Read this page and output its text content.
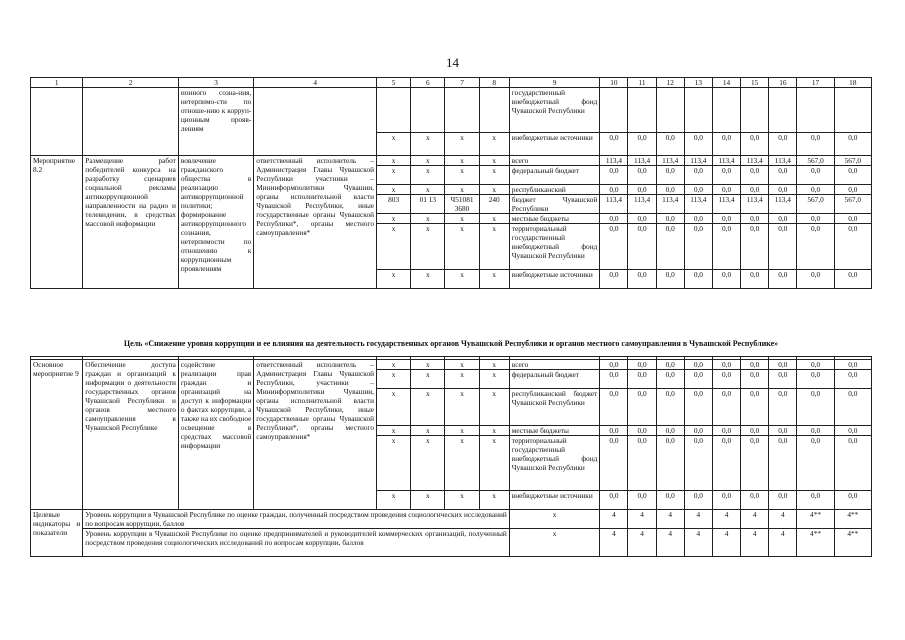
14
1	2	3	4	5	6	7	8	9	10	11	12	13	14	15	16	17	18
		ионного созна-ния, нетерпимо-сти по отноше-нию к корруп-ционным прояв-лениям						государственный внебюджетный фонд Чувашской Республики									
				x	x	x	x	внебюджетные источники	0,0	0,0	0,0	0,0	0,0	0,0	0,0	0,0	0,0
Мероприятие 8.2	Размещение работ победителей конкурса на разработку сценариев социальной рекламы антикоррупционной направленности на радио и телевидении, в средствах массовой информации	вовлечение гражданского общества в реализацию антикоррупционной политики; формирование антикоррупционного сознания, нетерпимости по отношению к коррупционным проявлениям	ответственный исполнитель – Администрация Главы Чувашской Республики участники – Мининформполитики Чувашии, органы исполнительной власти Чувашской Республики, иные государственные органы Чувашской Республики*, органы местного самоуправления*	x	x	x	x	всего	113,4	113,4	113,4	113,4	113,4	113,4	113,4	567,0	567,0
				x	x	x	x	федеральный бюджет	0,0	0,0	0,0	0,0	0,0	0,0	0,0	0,0	0,0
				x	x	x	x	республиканский	0,0	0,0	0,0	0,0	0,0	0,0	0,0	0,0	0,0
				803	01 13	Ч51081 3680	240	бюджет Чувашской Республики	113,4	113,4	113,4	113,4	113,4	113,4	113,4	567,0	567,0
				x	x	x	x	местные бюджеты	0,0	0,0	0,0	0,0	0,0	0,0	0,0	0,0	0,0
				x	x	x	x	территориальный государственный внебюджетный фонд Чувашской Республики	0,0	0,0	0,0	0,0	0,0	0,0	0,0	0,0	0,0
				x	x	x	x	внебюджетные источники	0,0	0,0	0,0	0,0	0,0	0,0	0,0	0,0	0,0
Цель «Снижение уровня коррупции и ее влияния на деятельность государственных органов Чувашской Республики и органов местного самоуправления в Чувашской Республике»

Основное мероприятие 9	Обеспечение доступа граждан и организаций к информации о деятельности государственных органов Чувашской Республики и органов местного самоуправления в Чувашской Республике	содействие реализации прав граждан и организаций на доступ к информации о фактах коррупции, а также на их свободное освещение в средствах массовой информации	ответственный исполнитель – Администрация Главы Чувашской Республики, участники – Мининформполитики Чувашии, органы исполнительной власти Чувашской Республики, иные государственные органы Чувашской Республики*, органы местного самоуправления*	x	x	x	x	всего	0,0	0,0	0,0	0,0	0,0	0,0	0,0	0,0	0,0
				x	x	x	x	федеральный бюджет	0,0	0,0	0,0	0,0	0,0	0,0	0,0	0,0	0,0
				x	x	x	x	республиканский бюджет Чувашской Республики	0,0	0,0	0,0	0,0	0,0	0,0	0,0	0,0	0,0
				x	x	x	x	местные бюджеты	0,0	0,0	0,0	0,0	0,0	0,0	0,0	0,0	0,0
				x	x	x	x	территориальный государственный внебюджетный фонд Чувашской Республики	0,0	0,0	0,0	0,0	0,0	0,0	0,0	0,0	0,0
				x	x	x	x	внебюджетные источники	0,0	0,0	0,0	0,0	0,0	0,0	0,0	0,0	0,0
Целевые индикаторы и показатели	Уровень коррупции в Чувашской Республике по оценке граждан, полученный посредством проведения социологических исследований по вопросам коррупции, баллов							x	4	4	4	4	4	4	4	4**	4**
	Уровень коррупции в Чувашской Республике по оценке предпринимателей и руководителей коммерческих организаций, полученный посредством проведения социологических исследований по вопросам коррупции, баллов							x	4	4	4	4	4	4	4	4**	4**
